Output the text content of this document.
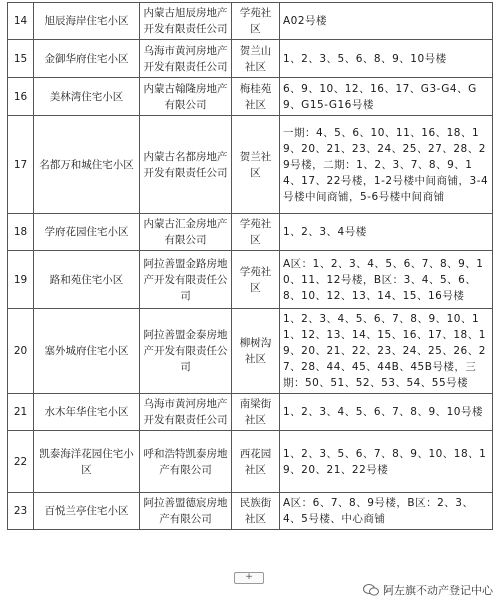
14	旭辰海岸住宅小区	内蒙古旭辰房地产开发有限责任公司	学苑社区	A02号楼
15	金御华府住宅小区	乌海市黄河房地产开发有限责任公司	贺兰山社区	1、2、3、5、6、8、9、10号楼
16	美林湾住宅小区	内蒙古翰隆房地产有限公司	梅桂苑社区	6、9、10、12、16、17、G3-G4、G9、G15-G16号楼
17	名都万和城住宅小区	内蒙古名都房地产开发有限责任公司	贺兰社区	一期：4、5、6、10、11、16、18、19、20、21、23、24、25、27、28、29号楼，二期：1、2、3、7、8、9、14、17、22号楼，1-2号楼中间商铺，3-4号楼中间商铺，5-6号楼中间商铺
18	学府花园住宅小区	内蒙古汇金房地产有限公司	学苑社区	1、2、3、4号楼
19	路和苑住宅小区	阿拉善盟金路房地产开发有限责任公司	学苑社区	A区：1、2、3、4、5、6、7、8、9、10、11、12号楼，B区：3、4、5、6、8、10、12、13、14、15、16号楼
20	塞外城府住宅小区	阿拉善盟金泰房地产开发有限责任公司	柳树沟社区	1、2、3、4、5、6、7、8、9、10、11、12、13、14、15、16、17、18、19、20、21、22、23、24、25、26、27、28、44、45、44B、45B号楼，三期：50、51、52、53、54、55号楼
21	水木年华住宅小区	乌海市黄河房地产开发有限责任公司	南梁街社区	1、2、3、4、5、6、7、8、9、10号楼
22	凯泰海洋花园住宅小区	呼和浩特凯泰房地产有限公司	西花园社区	1、2、3、5、6、7、8、9、10、18、19、20、21、22号楼
23	百悦兰亭住宅小区	阿拉善盟德宸房地产有限公司	民族街社区	A区：6、7、8、9号楼，B区：2、3、4、5号楼、中心商铺
+
阿左旗不动产登记中心
